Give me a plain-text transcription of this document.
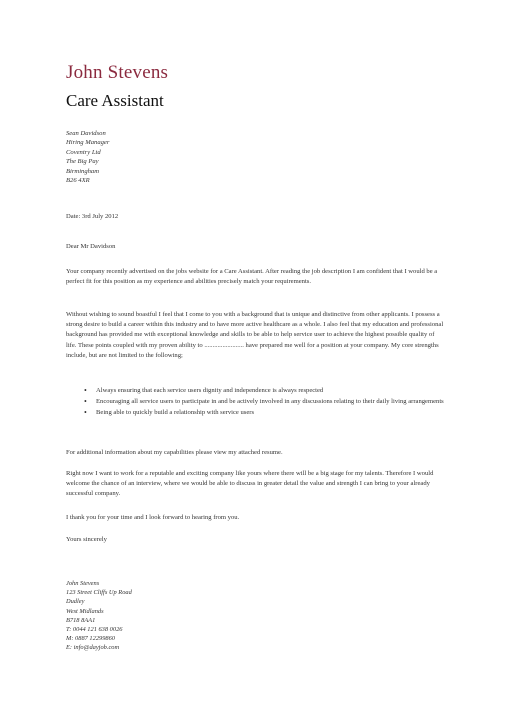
John Stevens
Care Assistant
Sean Davidson
Hiring Manager
Coventry Ltd
The Big Pay
Birmingham
B26 4XR
Date: 3rd July 2012
Dear Mr Davidson
Your company recently advertised on the jobs website for a Care Assistant. After reading the job description I am confident that I would be a perfect fit for this position as my experience and abilities precisely match your requirements.
Without wishing to sound boastful I feel that I come to you with a background that is unique and distinctive from other applicants. I possess a strong desire to build a career within this industry and to have more active healthcare as a whole. I also feel that my education and professional background has provided me with exceptional knowledge and skills to be able to help service user to achieve the highest possible quality of life. These points coupled with my proven ability to ........................ have prepared me well for a position at your company. My core strengths include, but are not limited to the following;
• Always ensuring that each service users dignity and independence is always respected
• Encouraging all service users to participate in and be actively involved in any discussions relating to their daily living arrangements
• Being able to quickly build a relationship with service users
For additional information about my capabilities please view my attached resume.
Right now I want to work for a reputable and exciting company like yours where there will be a big stage for my talents. Therefore I would welcome the chance of an interview, where we would be able to discuss in greater detail the value and strength I can bring to your already successful company.
I thank you for your time and I look forward to hearing from you.
Yours sincerely
John Stevens
123 Street Cliffs Up Road
Dudley
West Midlands
B718 8AA1
T: 0044 121 638 0026
M: 0887 12299860
E: info@dayjob.com
